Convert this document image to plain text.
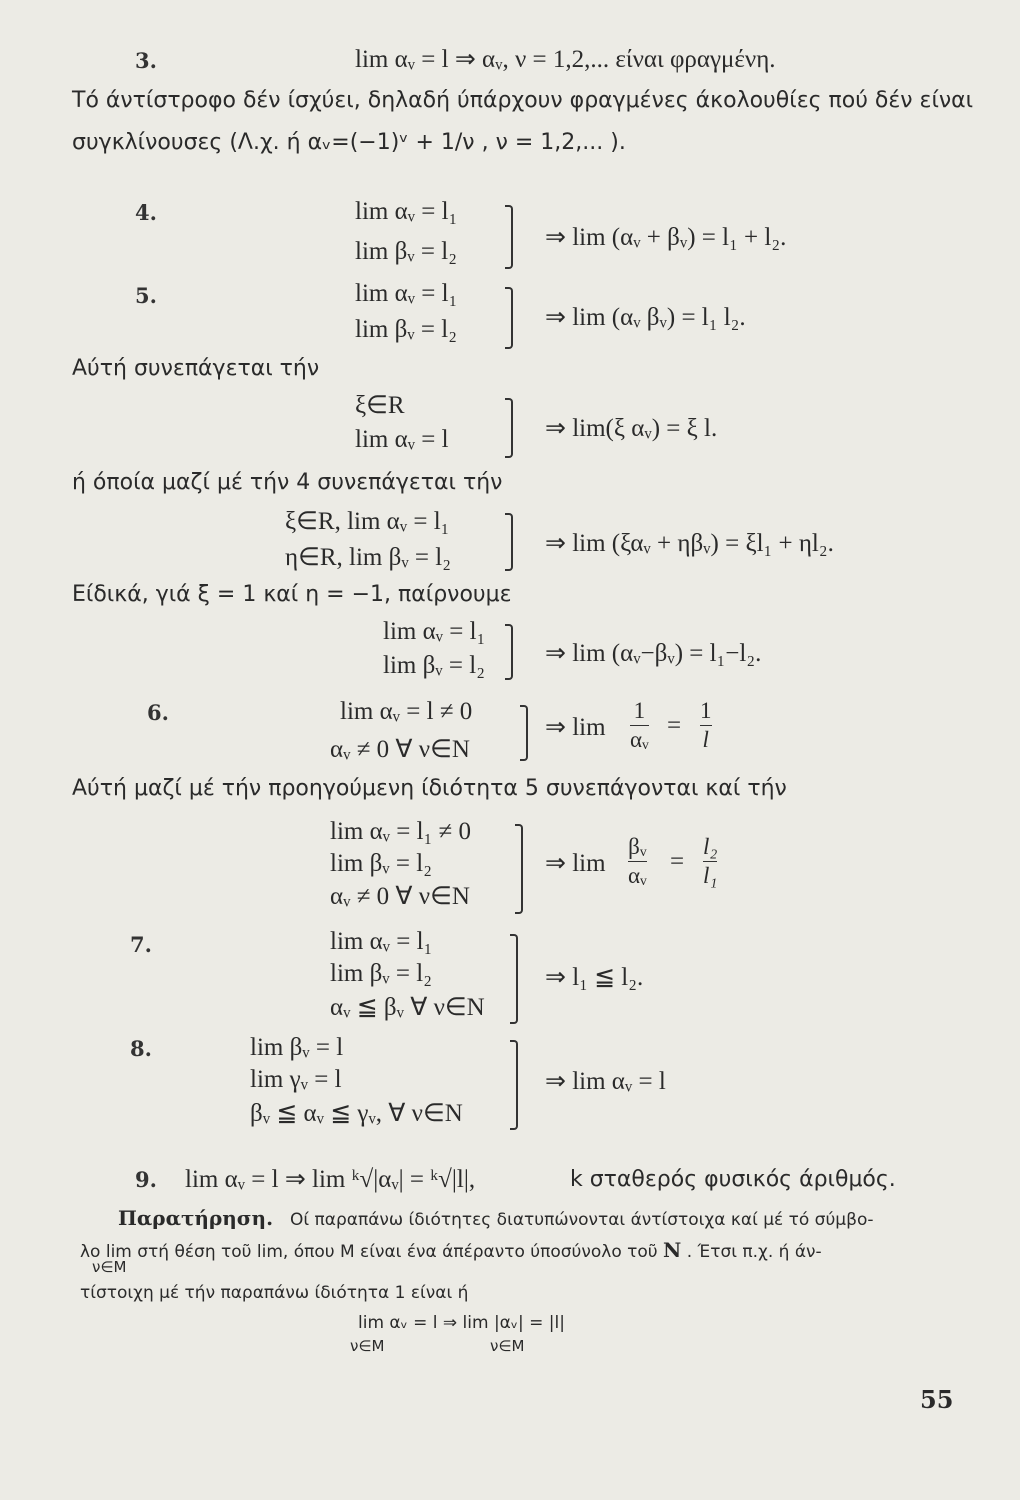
3.	lim αᵥ = l ⇒ αᵥ, ν = 1,2,... είναι φραγμένη.
Τό άντίστροφο δέν ίσχύει, δηλαδή ύπάρχουν φραγμένες άκολουθίες πού δέν είναι
συγκλίνουσες (Λ.χ. ή αᵥ=(−1)ᵛ + 1/ν , ν = 1,2,... ).
4.	lim αᵥ = l₁
lim βᵥ = l₂
⇒ lim (αᵥ + βᵥ) = l₁ + l₂.
5.	lim αᵥ = l₁
lim βᵥ = l₂	⇒ lim (αᵥ βᵥ) = l₁ l₂.
Αύτή συνεπάγεται τήν
ξ∈R
lim αᵥ = l	⇒ lim(ξ αᵥ) = ξ l.
ή όποία μαζί μέ τήν 4 συνεπάγεται τήν
ξ∈R, lim αᵥ = l₁
η∈R, lim βᵥ = l₂
⇒ lim (ξαᵥ + ηβᵥ) = ξl₁ + ηl₂.
Είδικά, γιά ξ = 1 καί η = −1, παίρνουμε
lim αᵥ = l₁
lim βᵥ = l₂ ⇒ lim (αᵥ−βᵥ) = l₁−l₂.
6.	lim αᵥ = l ≠ 0
αᵥ ≠ 0 ∀ ν∈N
⇒ lim
1
αᵥ
=
1
l
Αύτή μαζί μέ τήν προηγούμενη ίδιότητα 5 συνεπάγονται καί τήν
lim αᵥ = l₁ ≠ 0
lim βᵥ = l₂
αᵥ ≠ 0 ∀ ν∈N
⇒ lim
βᵥ
αᵥ
=
l₂
l₁
7.	lim αᵥ = l₁
lim βᵥ = l₂
αᵥ ≦ βᵥ ∀ ν∈N
⇒ l₁ ≦ l₂.
8.	lim βᵥ = l
lim γᵥ = l
βᵥ ≦ αᵥ ≦ γᵥ, ∀ ν∈N
⇒ lim αᵥ = l
9. lim αᵥ = l ⇒ lim ᵏ√|αᵥ| = ᵏ√|l|,	k σταθερός φυσικός άριθμός.
Παρατήρηση. Οί παραπάνω ίδιότητες διατυπώνονται άντίστοιχα καί μέ τό σύμβο-
λο lim στή θέση τοῦ lim, όπου M είναι ένα άπέραντο ύποσύνολο τοῦ N . Έτσι π.χ. ή άν-
ν∈M
τίστοιχη μέ τήν παραπάνω ίδιότητα 1 είναι ή
lim αᵥ = l ⇒ lim |αᵥ| = |l|
ν∈M	ν∈M
55
